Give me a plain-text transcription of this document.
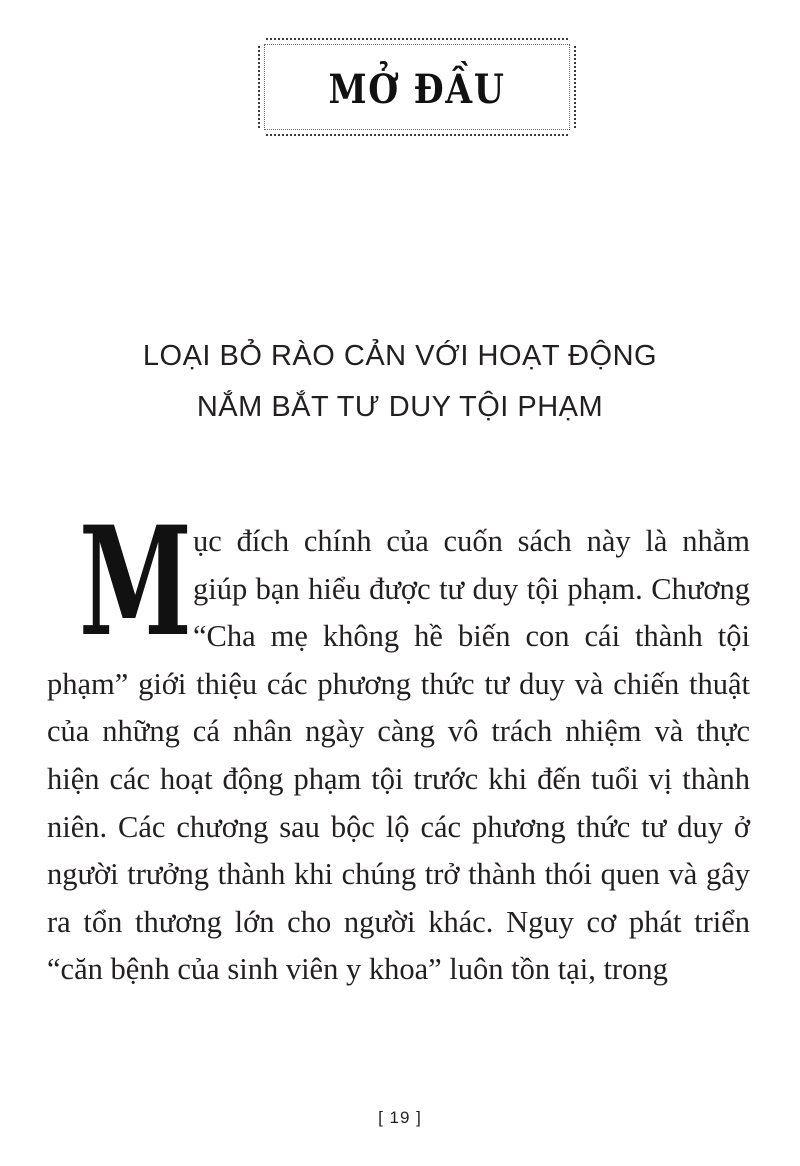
MỞ ĐẦU
LOẠI BỎ RÀO CẢN VỚI HOẠT ĐỘNG
NẮM BẮT TƯ DUY TỘI PHẠM
M ục đích chính của cuốn sách này là nhằm giúp bạn hiểu được tư duy tội phạm. Chương “Cha mẹ không hề biến con cái thành tội phạm” giới thiệu các phương thức tư duy và chiến thuật của những cá nhân ngày càng vô trách nhiệm và thực hiện các hoạt động phạm tội trước khi đến tuổi vị thành niên. Các chương sau bộc lộ các phương thức tư duy ở người trưởng thành khi chúng trở thành thói quen và gây ra tổn thương lớn cho người khác. Nguy cơ phát triển “căn bệnh của sinh viên y khoa” luôn tồn tại, trong
[ 19 ]
